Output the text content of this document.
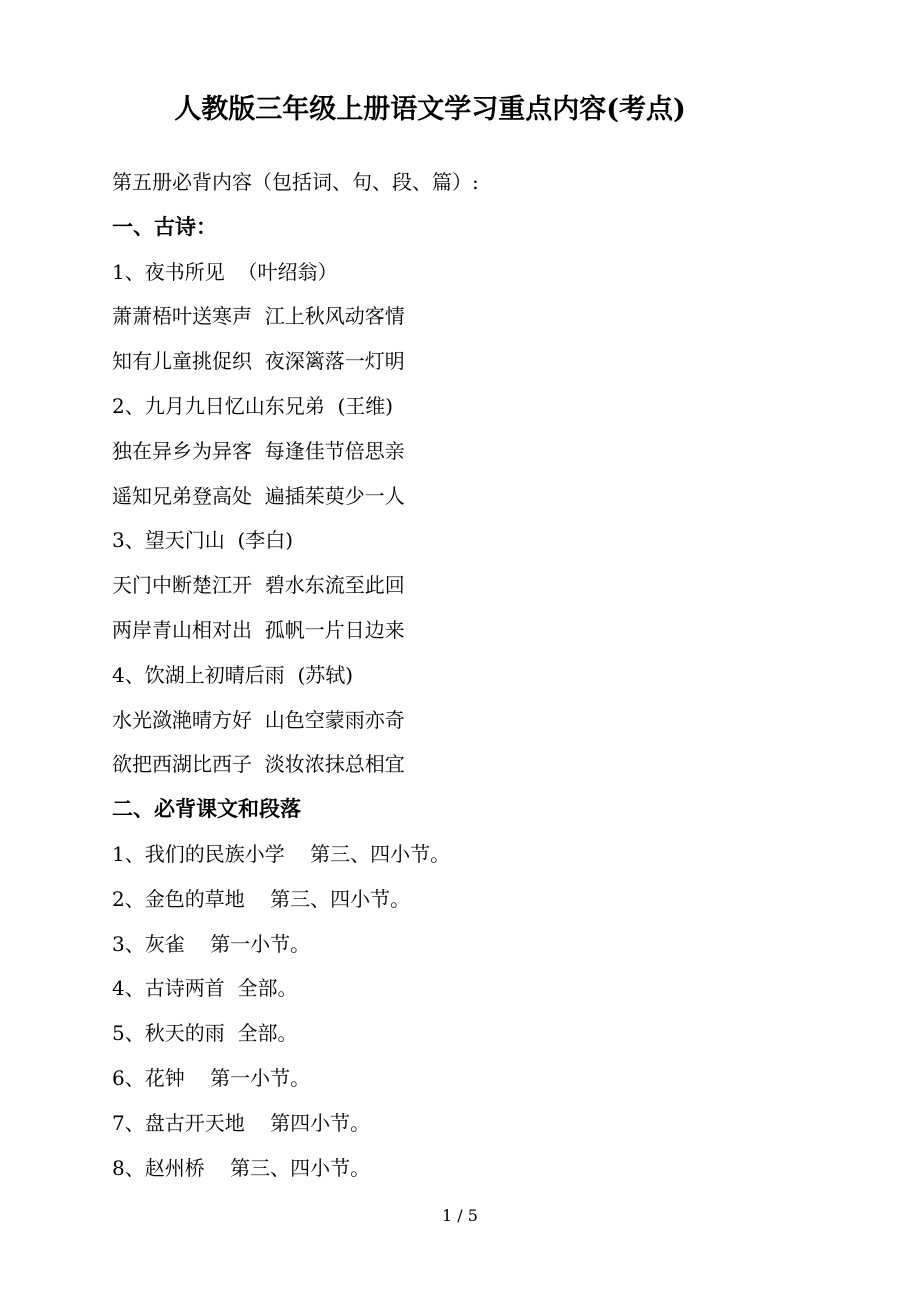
人教版三年级上册语文学习重点内容(考点)
第五册必背内容（包括词、句、段、篇）:
一、古诗：
1、夜书所见  （叶绍翁）
萧萧梧叶送寒声  江上秋风动客情
知有儿童挑促织  夜深篱落一灯明
2、九月九日忆山东兄弟  (王维)
独在异乡为异客  每逢佳节倍思亲
遥知兄弟登高处  遍插茱萸少一人
3、望天门山  (李白)
天门中断楚江开  碧水东流至此回
两岸青山相对出  孤帆一片日边来
4、饮湖上初晴后雨  (苏轼)
水光潋滟晴方好  山色空蒙雨亦奇
欲把西湖比西子  淡妆浓抹总相宜
二、必背课文和段落
1、我们的民族小学    第三、四小节。
2、金色的草地    第三、四小节。
3、灰雀    第一小节。
4、古诗两首  全部。
5、秋天的雨  全部。
6、花钟    第一小节。
7、盘古开天地    第四小节。
8、赵州桥    第三、四小节。
1 / 5
